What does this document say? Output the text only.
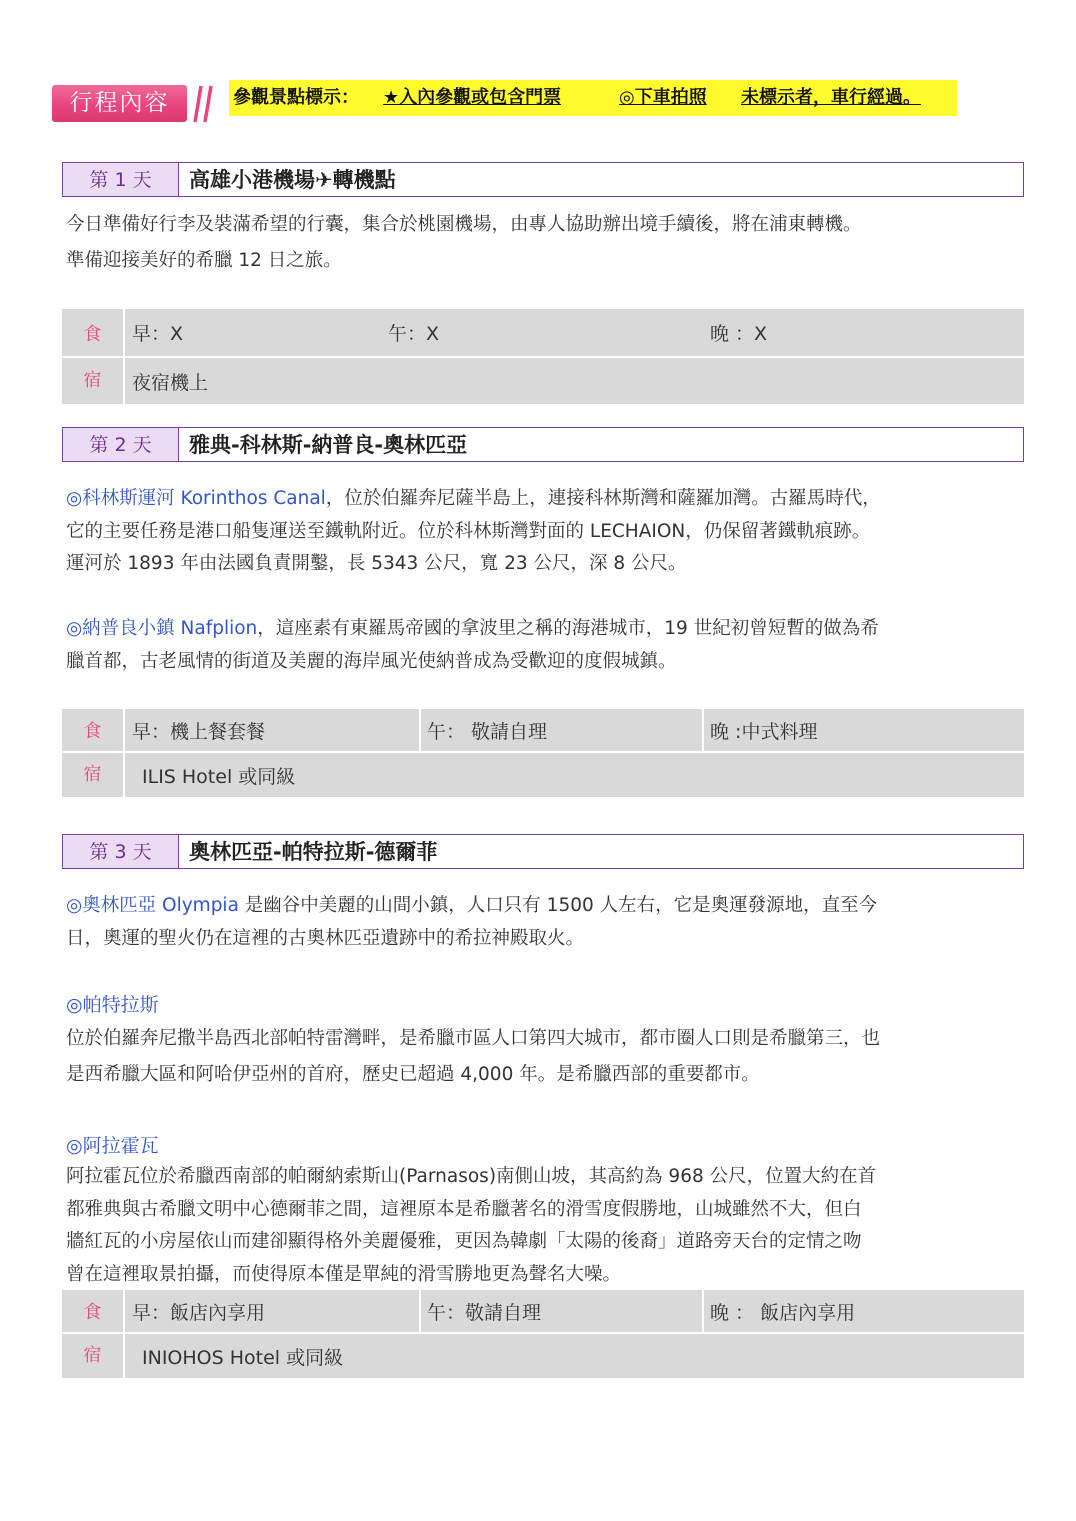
行程內容	參觀景點標示： ★入內參觀或包含門票	◎下車拍照 未標示者，車行經過。
第 1 天	高雄小港機場✈轉機點
今日準備好行李及裝滿希望的行囊，集合於桃園機場，由專人協助辦出境手續後，將在浦東轉機。
準備迎接美好的希臘 12 日之旅。
食	早：X	午：X	晚 ：X
宿	夜宿機上
第 2 天	雅典-科林斯-納普良-奧林匹亞
◎科林斯運河 Korinthos Canal，位於伯羅奔尼薩半島上，連接科林斯灣和薩羅加灣。古羅馬時代，
它的主要任務是港口船隻運送至鐵軌附近。位於科林斯灣對面的 LECHAION，仍保留著鐵軌痕跡。
運河於 1893 年由法國負責開鑿，長 5343 公尺，寬 23 公尺，深 8 公尺。
◎納普良小鎮 Nafplion，這座素有東羅馬帝國的拿波里之稱的海港城市，19 世紀初曾短暫的做為希
臘首都，古老風情的街道及美麗的海岸風光使納普成為受歡迎的度假城鎮。
食	早：機上餐套餐	午： 敬請自理	晚 :中式料理
宿	ILIS Hotel 或同級
第 3 天	奧林匹亞-帕特拉斯-德爾菲
◎奧林匹亞 Olympia 是幽谷中美麗的山間小鎮，人口只有 1500 人左右，它是奧運發源地，直至今
日，奧運的聖火仍在這裡的古奧林匹亞遺跡中的希拉神殿取火。
◎帕特拉斯
位於伯羅奔尼撒半島西北部帕特雷灣畔，是希臘市區人口第四大城市，都市圈人口則是希臘第三，也
是西希臘大區和阿哈伊亞州的首府，歷史已超過 4,000 年。是希臘西部的重要都市。
◎阿拉霍瓦
阿拉霍瓦位於希臘西南部的帕爾納索斯山(Parnasos)南側山坡，其高約為 968 公尺，位置大約在首
都雅典與古希臘文明中心德爾菲之間，這裡原本是希臘著名的滑雪度假勝地，山城雖然不大，但白
牆紅瓦的小房屋依山而建卻顯得格外美麗優雅，更因為韓劇「太陽的後裔」道路旁天台的定情之吻
曾在這裡取景拍攝，而使得原本僅是單純的滑雪勝地更為聲名大噪。
食	早：飯店內享用	午：敬請自理	晚 ： 飯店內享用
宿	INIOHOS Hotel 或同級
